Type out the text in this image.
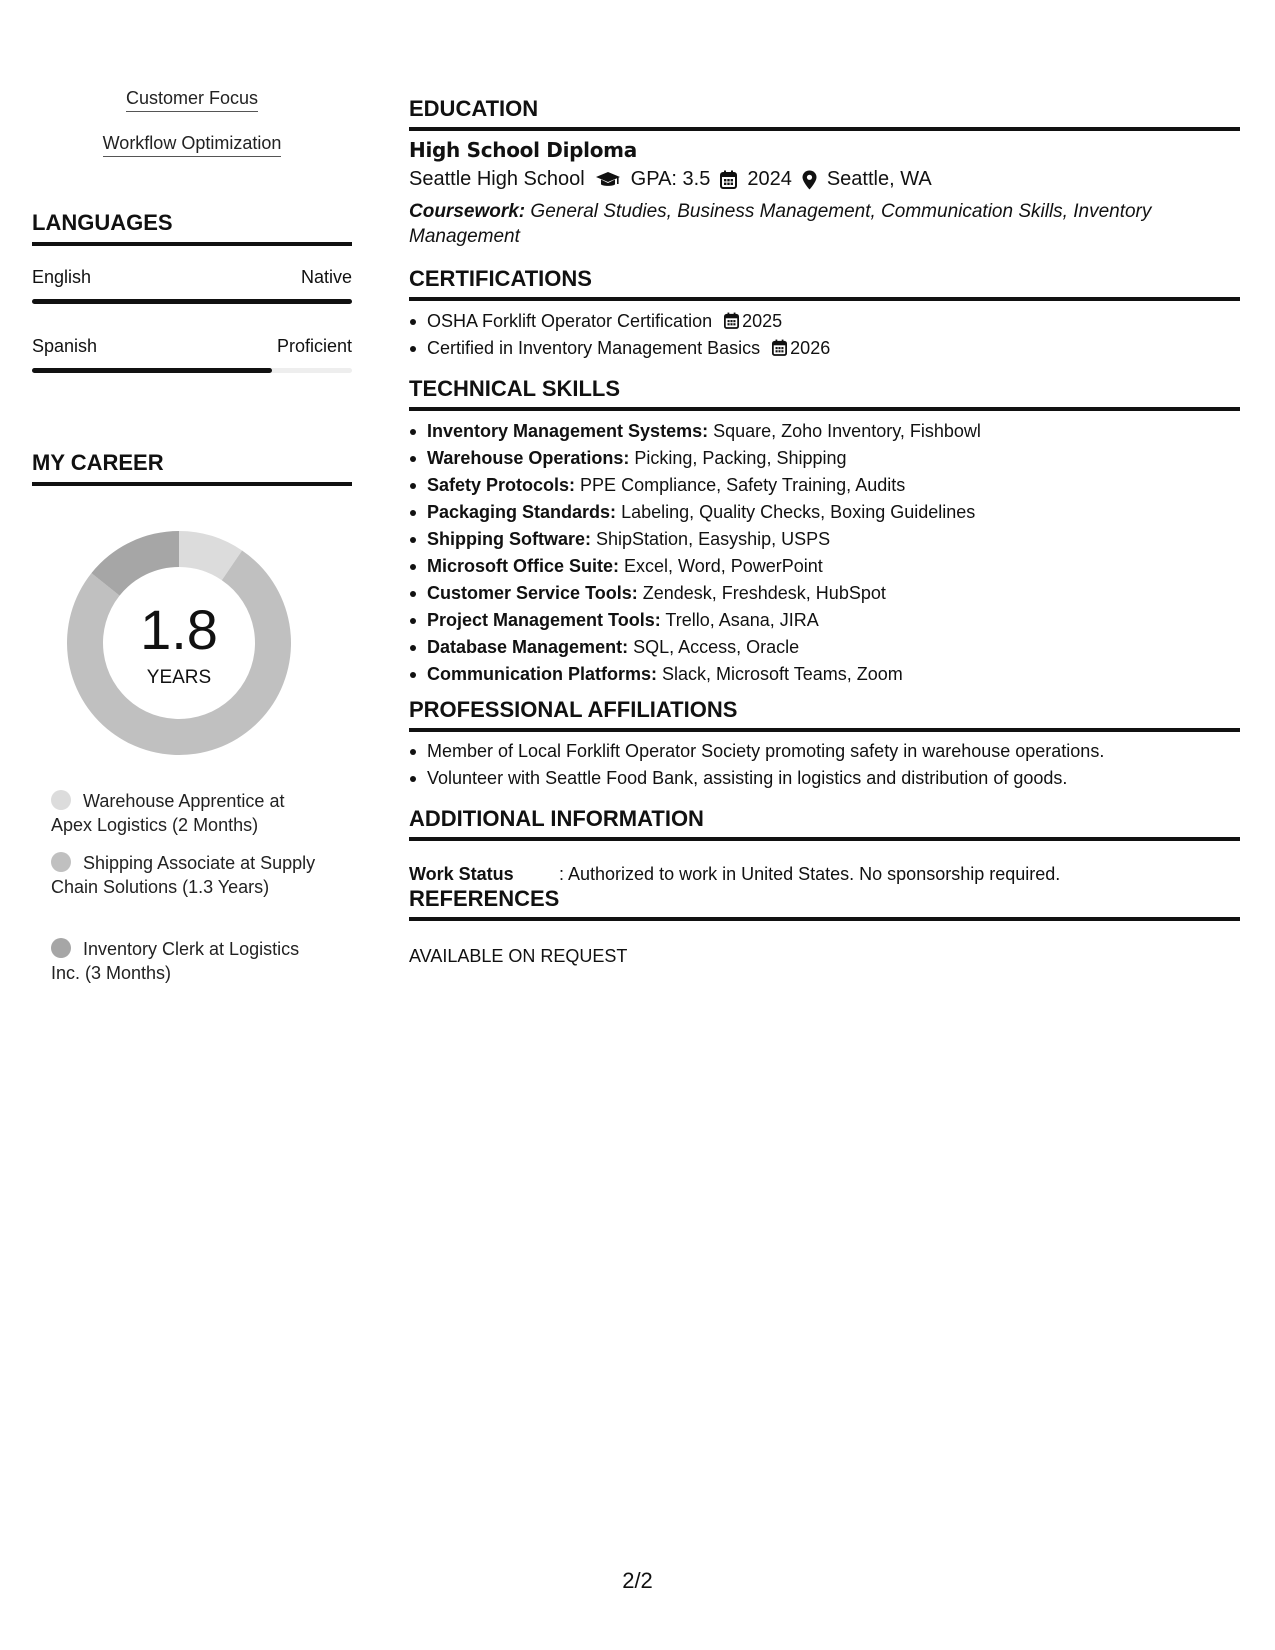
Customer Focus
Workflow Optimization
LANGUAGES
English	Native
Spanish	Proficient
MY CAREER
1.8
YEARS
Warehouse Apprentice at Apex Logistics (2 Months)
Shipping Associate at Supply Chain Solutions (1.3 Years)
Inventory Clerk at Logistics Inc. (3 Months)
EDUCATION
High School Diploma
Seattle High School GPA: 3.5 2024 Seattle, WA
Coursework: General Studies, Business Management, Communication Skills, Inventory Management
CERTIFICATIONS
OSHA Forklift Operator Certification 2025
Certified in Inventory Management Basics 2026
TECHNICAL SKILLS
Inventory Management Systems: Square, Zoho Inventory, Fishbowl
Warehouse Operations: Picking, Packing, Shipping
Safety Protocols: PPE Compliance, Safety Training, Audits
Packaging Standards: Labeling, Quality Checks, Boxing Guidelines
Shipping Software: ShipStation, Easyship, USPS
Microsoft Office Suite: Excel, Word, PowerPoint
Customer Service Tools: Zendesk, Freshdesk, HubSpot
Project Management Tools: Trello, Asana, JIRA
Database Management: SQL, Access, Oracle
Communication Platforms: Slack, Microsoft Teams, Zoom
PROFESSIONAL AFFILIATIONS
Member of Local Forklift Operator Society promoting safety in warehouse operations.
Volunteer with Seattle Food Bank, assisting in logistics and distribution of goods.
ADDITIONAL INFORMATION
Work Status	: Authorized to work in United States. No sponsorship required.
REFERENCES
AVAILABLE ON REQUEST
2/2
